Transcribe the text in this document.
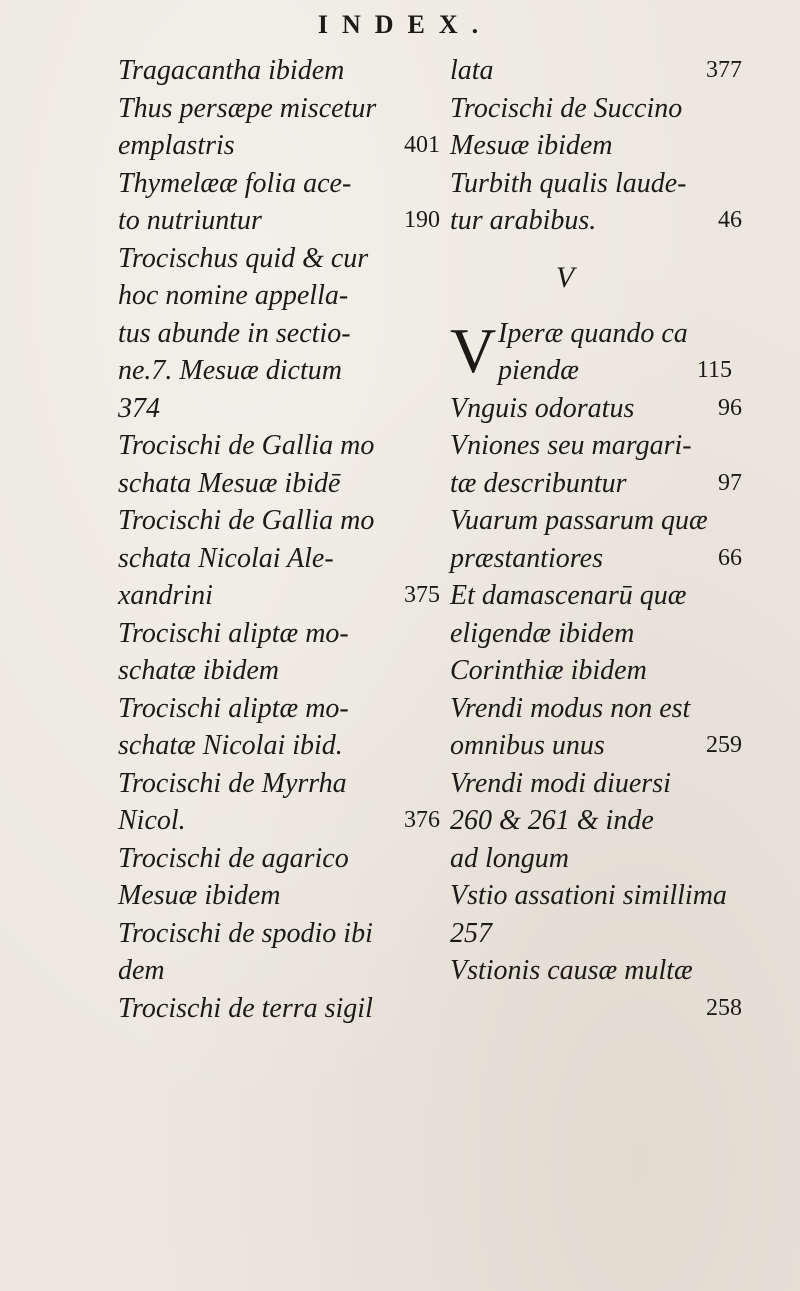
INDEX.
Tragacantha ibidem
Thus persæpe miscetur
emplastris	401
Thymelææ folia ace-
to nutriuntur	190
Trocischus quid & cur
hoc nomine appella-
tus abunde in sectio-
ne.7. Mesuæ dictum
374
Trocischi de Gallia mo
schata Mesuæ ibidē
Trocischi de Gallia mo
schata Nicolai Ale-
xandrini	375
Trocischi aliptæ mo-
schatæ ibidem
Trocischi aliptæ mo-
schatæ Nicolai ibid.
Trocischi de Myrrha
Nicol.	376
Trocischi de agarico
Mesuæ ibidem
Trocischi de spodio ibi
dem
Trocischi de terra sigil
lata	377
Trocischi de Succino
Mesuæ ibidem
Turbith qualis laude-
tur arabibus.	46
V
V Iperæ quando ca
piendæ	115
Vnguis odoratus	96
Vniones seu margari-
tæ describuntur	97
Vuarum passarum quæ
præstantiores	66
Et damascenarū quæ
eligendæ ibidem
Corinthiæ ibidem
Vrendi modus non est
omnibus unus	259
Vrendi modi diuersi
260 & 261 & inde
ad longum
Vstio assationi simillima
257
Vstionis causæ multæ
258
